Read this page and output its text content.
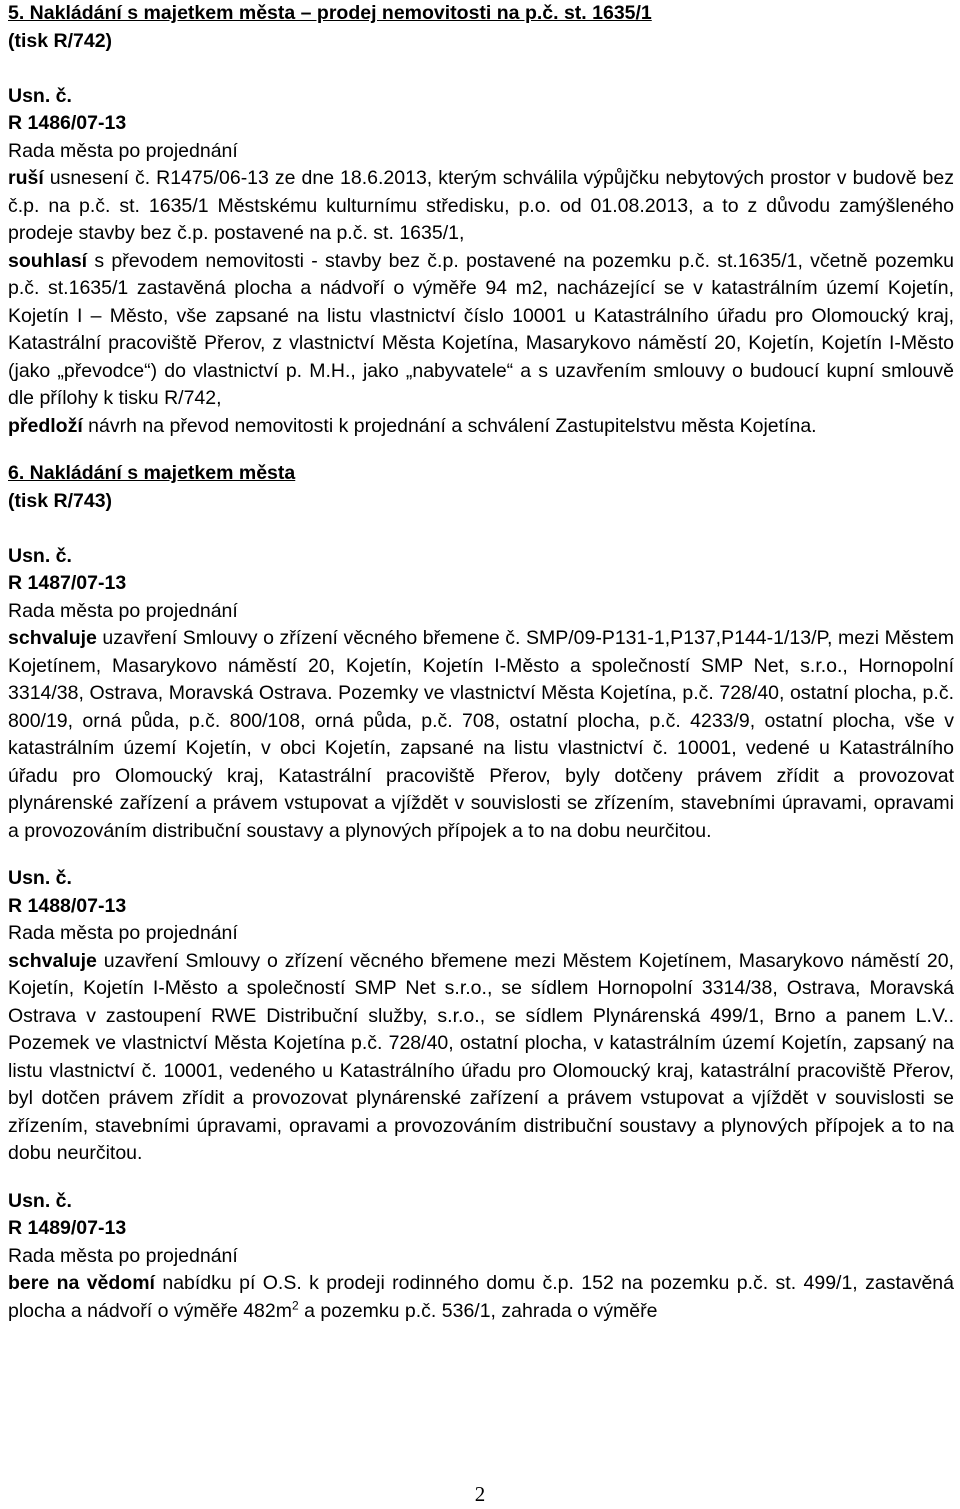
5. Nakládání s majetkem města – prodej nemovitosti na p.č. st. 1635/1
(tisk R/742)
Usn. č.
R 1486/07-13
Rada města po projednání
ruší usnesení č. R1475/06-13 ze dne 18.6.2013, kterým schválila výpůjčku nebytových prostor v budově bez č.p. na p.č. st. 1635/1 Městskému kulturnímu středisku, p.o. od 01.08.2013, a to z důvodu zamýšleného prodeje stavby bez č.p. postavené na p.č. st. 1635/1,
souhlasí s převodem nemovitosti - stavby bez č.p. postavené na pozemku p.č. st.1635/1, včetně pozemku p.č. st.1635/1 zastavěná plocha a nádvoří o výměře 94 m2, nacházející se v katastrálním území Kojetín, Kojetín I – Město, vše zapsané na listu vlastnictví číslo 10001 u Katastrálního úřadu pro Olomoucký kraj, Katastrální pracoviště Přerov, z vlastnictví Města Kojetína, Masarykovo náměstí 20, Kojetín, Kojetín I-Město (jako „převodce“) do vlastnictví p. M.H., jako „nabyvatele“ a s uzavřením smlouvy o budoucí kupní smlouvě dle přílohy k tisku R/742,
předloží návrh na převod nemovitosti k projednání a schválení Zastupitelstvu města Kojetína.
6. Nakládání s majetkem města
(tisk R/743)
Usn. č.
R 1487/07-13
Rada města po projednání
schvaluje uzavření Smlouvy o zřízení věcného břemene č. SMP/09-P131-1,P137,P144-1/13/P, mezi Městem Kojetínem, Masarykovo náměstí 20, Kojetín, Kojetín I-Město a společností SMP Net, s.r.o., Hornopolní 3314/38, Ostrava, Moravská Ostrava. Pozemky ve vlastnictví Města Kojetína, p.č. 728/40, ostatní plocha, p.č. 800/19, orná půda, p.č. 800/108, orná půda, p.č. 708, ostatní plocha, p.č. 4233/9, ostatní plocha, vše v katastrálním území Kojetín, v obci Kojetín, zapsané na listu vlastnictví č. 10001, vedené u Katastrálního úřadu pro Olomoucký kraj, Katastrální pracoviště Přerov, byly dotčeny právem zřídit a provozovat plynárenské zařízení a právem vstupovat a vjíždět v souvislosti se zřízením, stavebními úpravami, opravami a provozováním distribuční soustavy a plynových přípojek a to na dobu neurčitou.
Usn. č.
R 1488/07-13
Rada města po projednání
schvaluje uzavření Smlouvy o zřízení věcného břemene mezi Městem Kojetínem, Masarykovo náměstí 20, Kojetín, Kojetín I-Město a společností SMP Net s.r.o., se sídlem Hornopolní 3314/38, Ostrava, Moravská Ostrava v zastoupení RWE Distribuční služby, s.r.o., se sídlem Plynárenská 499/1, Brno a panem L.V.. Pozemek ve vlastnictví Města Kojetína p.č. 728/40, ostatní plocha, v katastrálním území Kojetín, zapsaný na listu vlastnictví č. 10001, vedeného u Katastrálního úřadu pro Olomoucký kraj, katastrální pracoviště Přerov, byl dotčen právem zřídit a provozovat plynárenské zařízení a právem vstupovat a vjíždět v souvislosti se zřízením, stavebními úpravami, opravami a provozováním distribuční soustavy a plynových přípojek a to na dobu neurčitou.
Usn. č.
R 1489/07-13
Rada města po projednání
bere na vědomí nabídku pí O.S. k prodeji rodinného domu č.p. 152 na pozemku p.č. st. 499/1, zastavěná plocha a nádvoří o výměře $482m^2$ a pozemku p.č. 536/1, zahrada o výměře
2
